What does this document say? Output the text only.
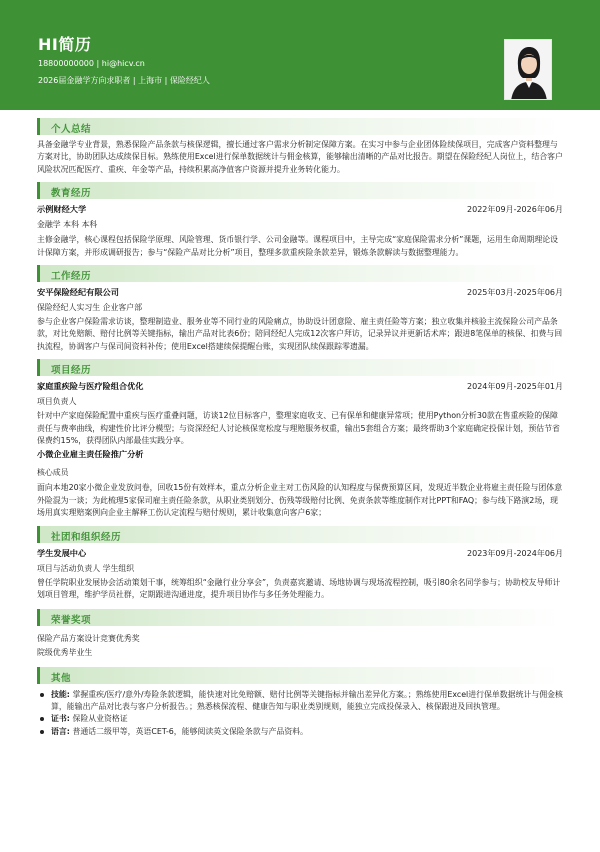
HI简历
18800000000 | hi@hicv.cn
2026届金融学方向求职者 | 上海市 | 保险经纪人
个人总结
具备金融学专业背景，熟悉保险产品条款与核保逻辑，擅长通过客户需求分析制定保障方案。在实习中参与企业团体险续保项目，完成客户资料整理与方案对比，协助团队达成续保目标。熟练使用Excel进行保单数据统计与佣金核算，能够输出清晰的产品对比报告。期望在保险经纪人岗位上，结合客户风险状况匹配医疗、重疾、年金等产品，持续积累高净值客户资源并提升业务转化能力。
教育经历
示例财经大学	2022年09月-2026年06月
金融学 本科 本科
主修金融学，核心课程包括保险学原理、风险管理、货币银行学、公司金融等。课程项目中，主导完成“家庭保险需求分析”课题，运用生命周期理论设计保障方案，并形成调研报告；参与“保险产品对比分析”项目，整理多款重疾险条款差异，锻炼条款解读与数据整理能力。
工作经历
安平保险经纪有限公司	2025年03月-2025年06月
保险经纪人实习生 企业客户部
参与企业客户保险需求访谈，整理制造业、服务业等不同行业的风险痛点，协助设计团意险、雇主责任险等方案；独立收集并核验主流保险公司产品条款，对比免赔额、赔付比例等关键指标，输出产品对比表6份；陪同经纪人完成12次客户拜访，记录异议并更新话术库；跟进8笔保单的核保、扣费与回执流程，协调客户与保司间资料补传；使用Excel搭建续保提醒台账，实现团队续保跟踪零遗漏。
项目经历
家庭重疾险与医疗险组合优化	2024年09月-2025年01月
项目负责人
针对中产家庭保险配置中重疾与医疗重叠问题，访谈12位目标客户，整理家庭收支、已有保单和健康异常项；使用Python分析30款在售重疾险的保障责任与费率曲线，构建性价比评分模型；与资深经纪人讨论核保宽松度与理赔服务权重，输出5套组合方案；最终帮助3个家庭确定投保计划，预估节省保费约15%，获得团队内部最佳实践分享。
小微企业雇主责任险推广分析
核心成员
面向本地20家小微企业发放问卷，回收15份有效样本，重点分析企业主对工伤风险的认知程度与保费预算区间，发现近半数企业将雇主责任险与团体意外险混为一谈；为此梳理5家保司雇主责任险条款，从职业类别划分、伤残等级赔付比例、免责条款等维度制作对比PPT和FAQ；参与线下路演2场，现场用真实理赔案例向企业主解释工伤认定流程与赔付规则，累计收集意向客户6家；
社团和组织经历
学生发展中心	2023年09月-2024年06月
项目与活动负责人 学生组织
曾任学院职业发展协会活动策划干事，统筹组织“金融行业分享会”，负责嘉宾邀请、场地协调与现场流程控制，吸引80余名同学参与；协助校友导师计划项目管理，维护学员社群，定期跟进沟通进度，提升项目协作与多任务处理能力。
荣誉奖项
保险产品方案设计竞赛优秀奖
院级优秀毕业生
其他
技能: 掌握重疾/医疗/意外/寿险条款逻辑，能快速对比免赔额、赔付比例等关键指标并输出差异化方案。；熟练使用Excel进行保单数据统计与佣金核算，能输出产品对比表与客户分析报告。；熟悉核保流程、健康告知与职业类别规则，能独立完成投保录入、核保跟进及回执管理。
证书: 保险从业资格证
语言: 普通话二级甲等，英语CET-6，能够阅读英文保险条款与产品资料。
